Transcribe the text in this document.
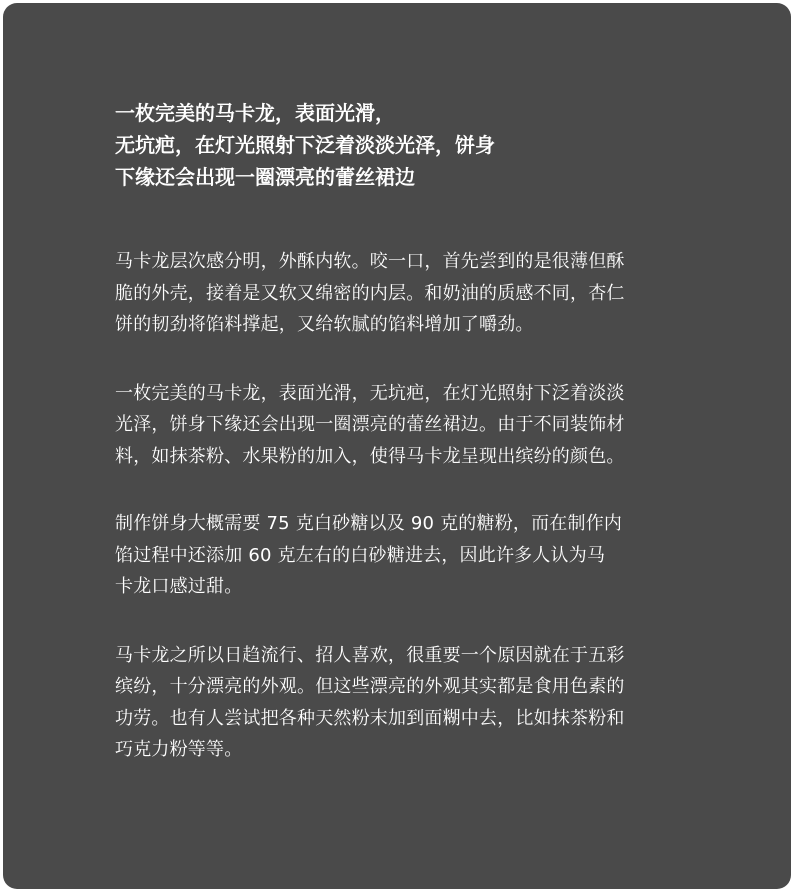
一枚完美的马卡龙，表面光滑，
无坑疤，在灯光照射下泛着淡淡光泽，饼身
下缘还会出现一圈漂亮的蕾丝裙边

马卡龙层次感分明，外酥内软。咬一口，首先尝到的是很薄但酥
脆的外壳，接着是又软又绵密的内层。和奶油的质感不同，杏仁
饼的韧劲将馅料撑起，又给软腻的馅料增加了嚼劲。

一枚完美的马卡龙，表面光滑，无坑疤，在灯光照射下泛着淡淡
光泽，饼身下缘还会出现一圈漂亮的蕾丝裙边。由于不同装饰材
料，如抹茶粉、水果粉的加入，使得马卡龙呈现出缤纷的颜色。

制作饼身大概需要 75 克白砂糖以及 90 克的糖粉，而在制作内
馅过程中还添加 60 克左右的白砂糖进去，因此许多人认为马
卡龙口感过甜。

马卡龙之所以日趋流行、招人喜欢，很重要一个原因就在于五彩
缤纷，十分漂亮的外观。但这些漂亮的外观其实都是食用色素的
功劳。也有人尝试把各种天然粉末加到面糊中去，比如抹茶粉和
巧克力粉等等。
